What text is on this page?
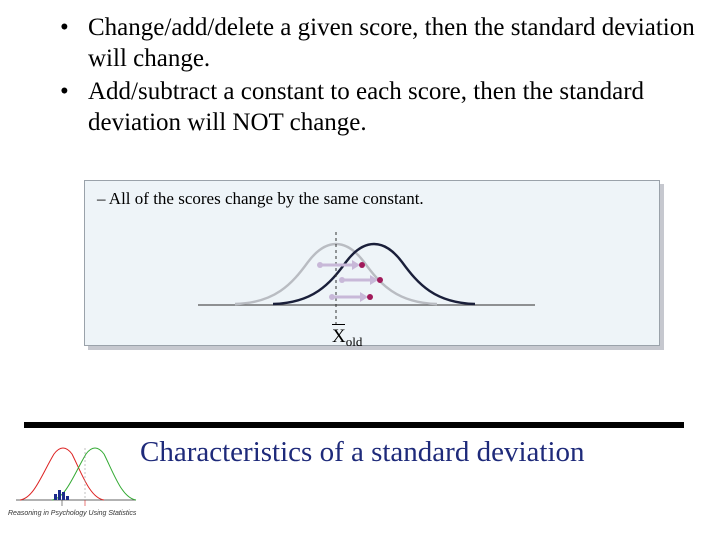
• Change/add/delete a given score, then the standard deviation will change.
• Add/subtract a constant to each score, then the standard deviation will NOT change.
– All of the scores change by the same constant.
$X_{old}$
Characteristics of a standard deviation
Reasoning in Psychology Using Statistics
